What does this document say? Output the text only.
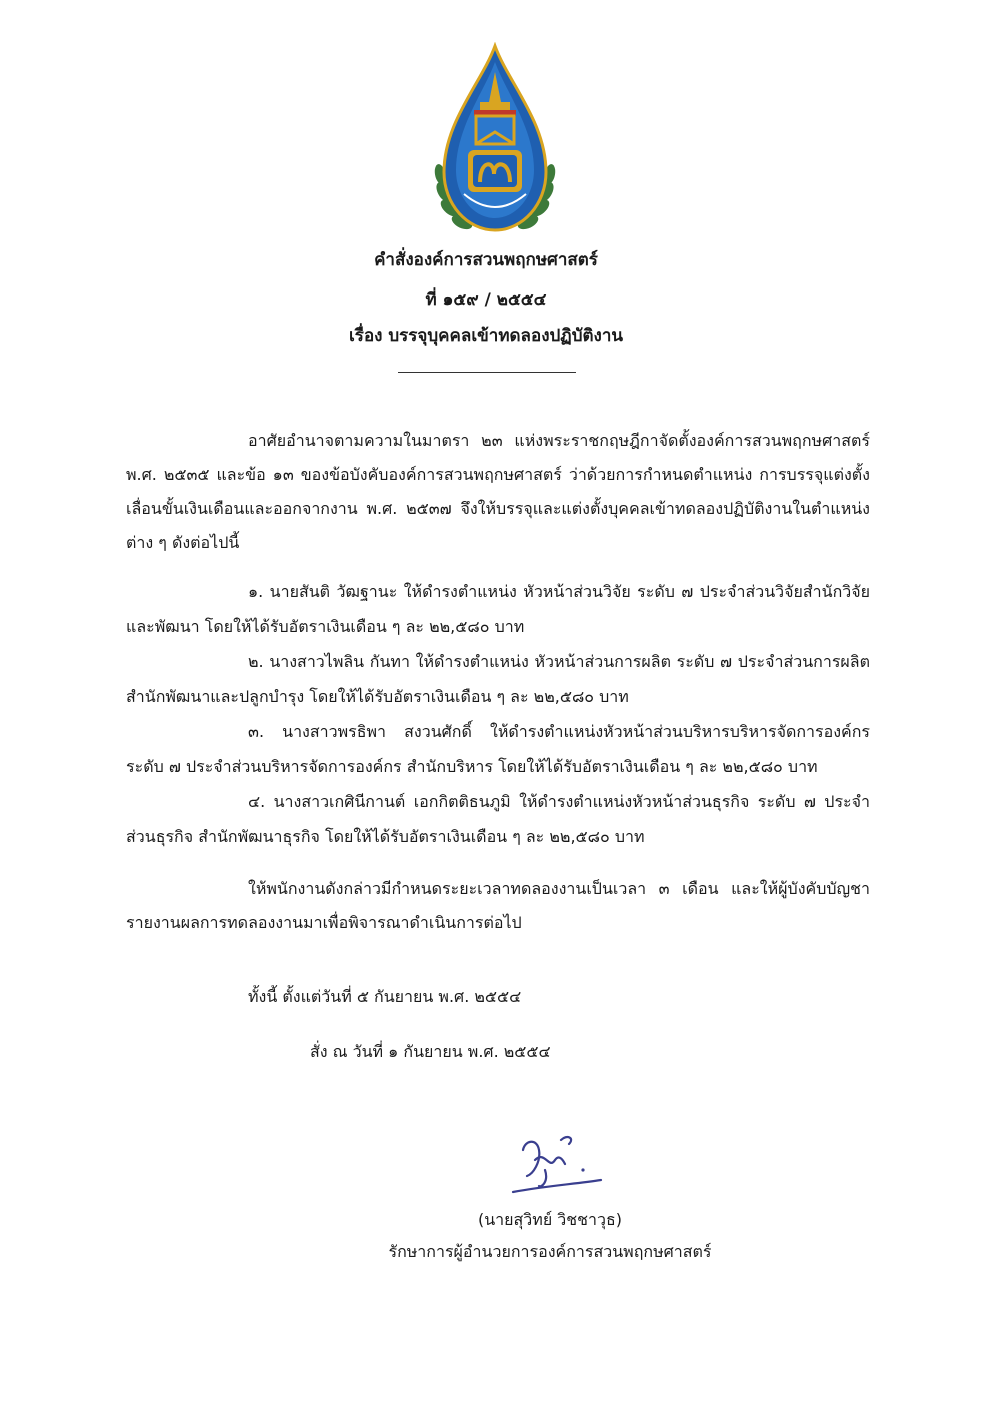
คำสั่งองค์การสวนพฤกษศาสตร์
ที่ ๑๕๙ / ๒๕๕๔
เรื่อง บรรจุบุคคลเข้าทดลองปฏิบัติงาน
อาศัยอำนาจตามความในมาตรา ๒๓ แห่งพระราชกฤษฎีกาจัดตั้งองค์การสวนพฤกษศาสตร์ พ.ศ. ๒๕๓๕ และข้อ ๑๓ ของข้อบังคับองค์การสวนพฤกษศาสตร์ ว่าด้วยการกำหนดตำแหน่ง การบรรจุแต่งตั้ง เลื่อนขั้นเงินเดือนและออกจากงาน พ.ศ. ๒๕๓๗ จึงให้บรรจุและแต่งตั้งบุคคลเข้าทดลองปฏิบัติงานในตำแหน่งต่าง ๆ ดังต่อไปนี้
๑. นายสันติ วัฒฐานะ ให้ดำรงตำแหน่ง หัวหน้าส่วนวิจัย ระดับ ๗ ประจำส่วนวิจัยสำนักวิจัยและพัฒนา โดยให้ได้รับอัตราเงินเดือน ๆ ละ ๒๒,๕๘๐ บาท
๒. นางสาวไพลิน กันทา ให้ดำรงตำแหน่ง หัวหน้าส่วนการผลิต ระดับ ๗ ประจำส่วนการผลิต สำนักพัฒนาและปลูกบำรุง โดยให้ได้รับอัตราเงินเดือน ๆ ละ ๒๒,๕๘๐ บาท
๓. นางสาวพรธิพา สงวนศักดิ์ ให้ดำรงตำแหน่งหัวหน้าส่วนบริหารบริหารจัดการองค์กร ระดับ ๗ ประจำส่วนบริหารจัดการองค์กร สำนักบริหาร โดยให้ได้รับอัตราเงินเดือน ๆ ละ ๒๒,๕๘๐ บาท
๔. นางสาวเกศินีกานต์ เอกกิตติธนภูมิ ให้ดำรงตำแหน่งหัวหน้าส่วนธุรกิจ ระดับ ๗ ประจำส่วนธุรกิจ สำนักพัฒนาธุรกิจ โดยให้ได้รับอัตราเงินเดือน ๆ ละ ๒๒,๕๘๐ บาท
ให้พนักงานดังกล่าวมีกำหนดระยะเวลาทดลองงานเป็นเวลา ๓ เดือน และให้ผู้บังคับบัญชารายงานผลการทดลองงานมาเพื่อพิจารณาดำเนินการต่อไป
ทั้งนี้ ตั้งแต่วันที่ ๕ กันยายน พ.ศ. ๒๕๕๔
สั่ง ณ วันที่ ๑ กันยายน พ.ศ. ๒๕๕๔
(นายสุวิทย์ วิชชาวุธ)
รักษาการผู้อำนวยการองค์การสวนพฤกษศาสตร์
